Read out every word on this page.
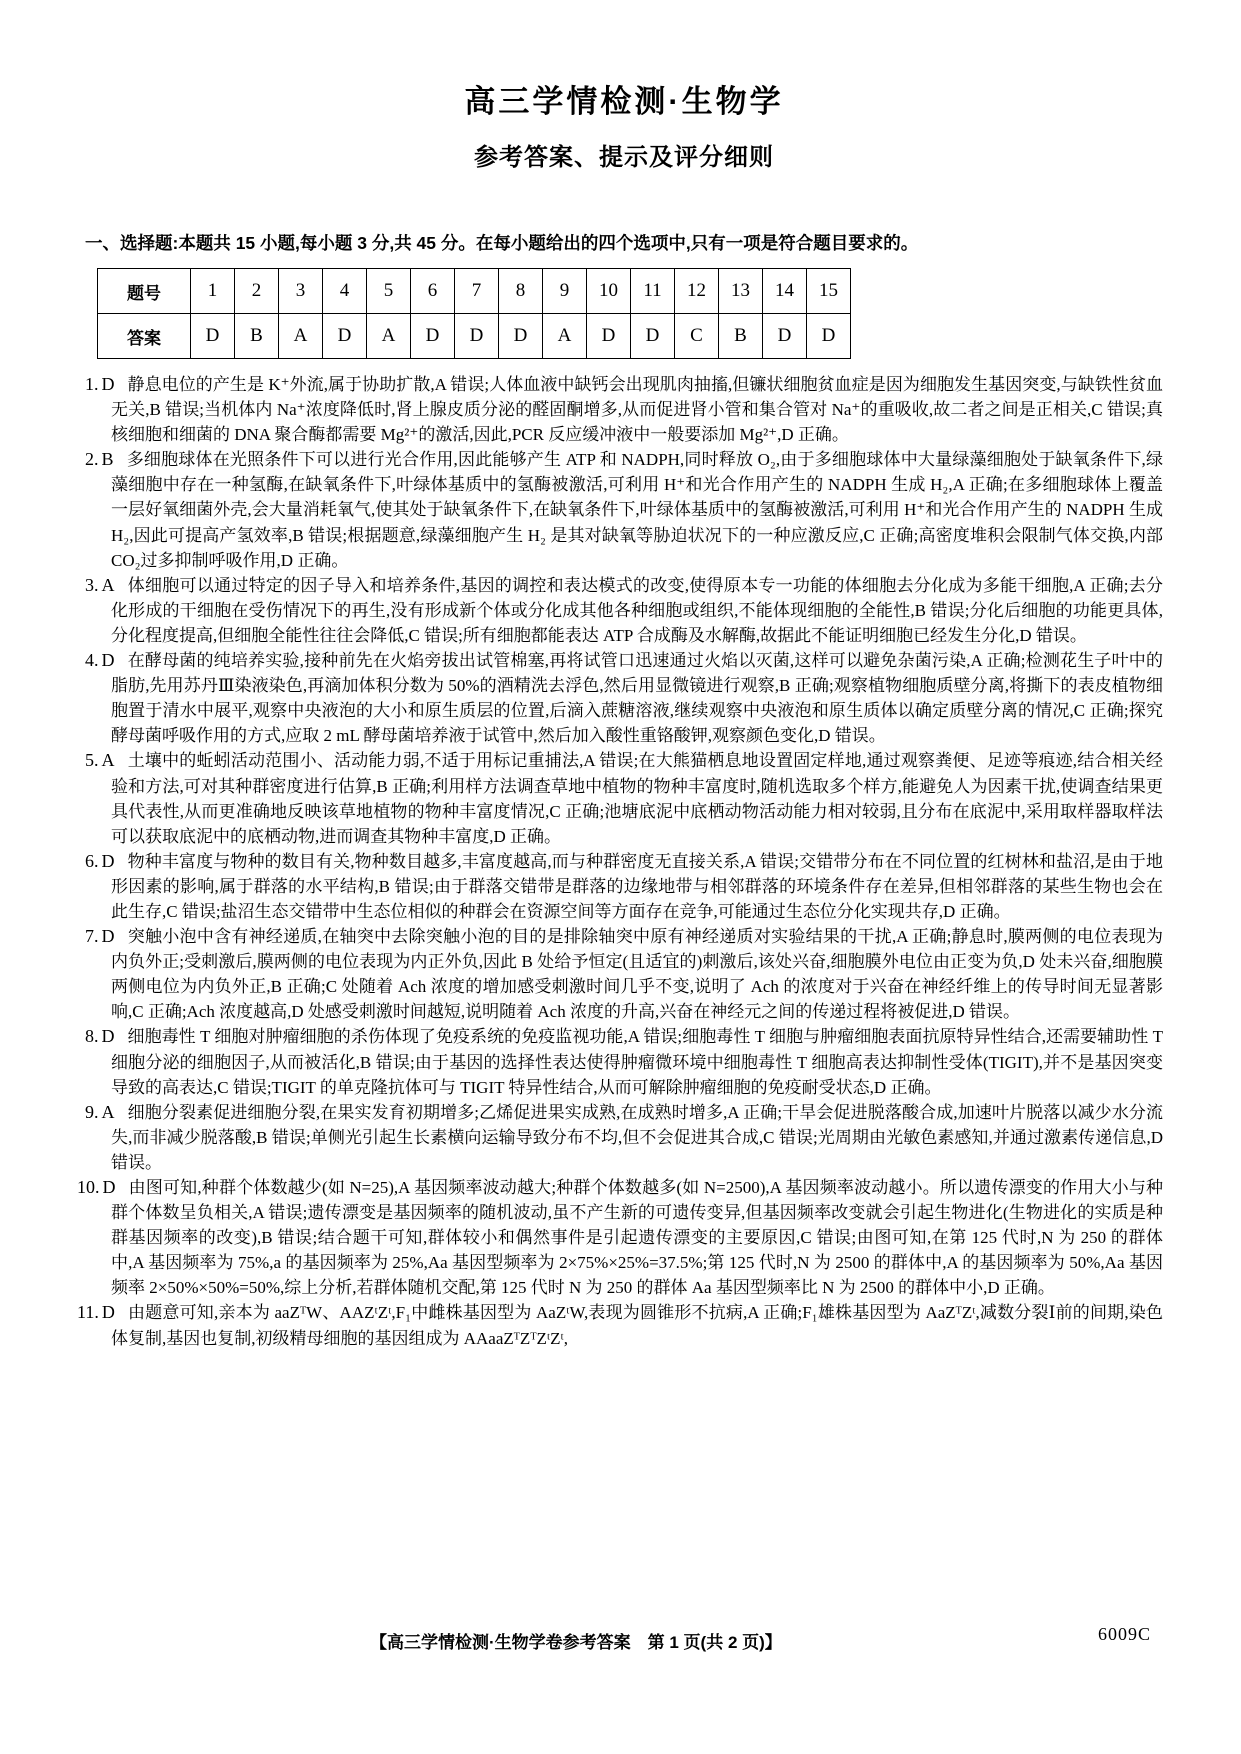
高三学情检测·生物学
参考答案、提示及评分细则

一、选择题:本题共 15 小题,每小题 3 分,共 45 分。在每小题给出的四个选项中,只有一项是符合题目要求的。

题号	1	2	3	4	5	6	7	8	9	10	11	12	13	14	15
答案	D	B	A	D	A	D	D	D	A	D	D	C	B	D	D

1. D 静息电位的产生是 K⁺外流,属于协助扩散,A 错误;人体血液中缺钙会出现肌肉抽搐,但镰状细胞贫血症是因为细胞发生基因突变,与缺铁性贫血无关,B 错误;当机体内 Na⁺浓度降低时,肾上腺皮质分泌的醛固酮增多,从而促进肾小管和集合管对 Na⁺的重吸收,故二者之间是正相关,C 错误;真核细胞和细菌的 DNA 聚合酶都需要 Mg²⁺的激活,因此,PCR 反应缓冲液中一般要添加 Mg²⁺,D 正确。

2. B 多细胞球体在光照条件下可以进行光合作用,因此能够产生 ATP 和 NADPH,同时释放 O₂,由于多细胞球体中大量绿藻细胞处于缺氧条件下,绿藻细胞中存在一种氢酶,在缺氧条件下,叶绿体基质中的氢酶被激活,可利用 H⁺和光合作用产生的 NADPH 生成 H₂,A 正确;在多细胞球体上覆盖一层好氧细菌外壳,会大量消耗氧气,使其处于缺氧条件下,在缺氧条件下,叶绿体基质中的氢酶被激活,可利用 H⁺和光合作用产生的 NADPH 生成 H₂,因此可提高产氢效率,B 错误;根据题意,绿藻细胞产生 H₂ 是其对缺氧等胁迫状况下的一种应激反应,C 正确;高密度堆积会限制气体交换,内部 CO₂过多抑制呼吸作用,D 正确。

3. A 体细胞可以通过特定的因子导入和培养条件,基因的调控和表达模式的改变,使得原本专一功能的体细胞去分化成为多能干细胞,A 正确;去分化形成的干细胞在受伤情况下的再生,没有形成新个体或分化成其他各种细胞或组织,不能体现细胞的全能性,B 错误;分化后细胞的功能更具体,分化程度提高,但细胞全能性往往会降低,C 错误;所有细胞都能表达 ATP 合成酶及水解酶,故据此不能证明细胞已经发生分化,D 错误。

4. D 在酵母菌的纯培养实验,接种前先在火焰旁拔出试管棉塞,再将试管口迅速通过火焰以灭菌,这样可以避免杂菌污染,A 正确;检测花生子叶中的脂肪,先用苏丹Ⅲ染液染色,再滴加体积分数为 50%的酒精洗去浮色,然后用显微镜进行观察,B 正确;观察植物细胞质壁分离,将撕下的表皮植物细胞置于清水中展平,观察中央液泡的大小和原生质层的位置,后滴入蔗糖溶液,继续观察中央液泡和原生质体以确定质壁分离的情况,C 正确;探究酵母菌呼吸作用的方式,应取 2 mL 酵母菌培养液于试管中,然后加入酸性重铬酸钾,观察颜色变化,D 错误。

5. A 土壤中的蚯蚓活动范围小、活动能力弱,不适于用标记重捕法,A 错误;在大熊猫栖息地设置固定样地,通过观察粪便、足迹等痕迹,结合相关经验和方法,可对其种群密度进行估算,B 正确;利用样方法调查草地中植物的物种丰富度时,随机选取多个样方,能避免人为因素干扰,使调查结果更具代表性,从而更准确地反映该草地植物的物种丰富度情况,C 正确;池塘底泥中底栖动物活动能力相对较弱,且分布在底泥中,采用取样器取样法可以获取底泥中的底栖动物,进而调查其物种丰富度,D 正确。

6. D 物种丰富度与物种的数目有关,物种数目越多,丰富度越高,而与种群密度无直接关系,A 错误;交错带分布在不同位置的红树林和盐沼,是由于地形因素的影响,属于群落的水平结构,B 错误;由于群落交错带是群落的边缘地带与相邻群落的环境条件存在差异,但相邻群落的某些生物也会在此生存,C 错误;盐沼生态交错带中生态位相似的种群会在资源空间等方面存在竞争,可能通过生态位分化实现共存,D 正确。

7. D 突触小泡中含有神经递质,在轴突中去除突触小泡的目的是排除轴突中原有神经递质对实验结果的干扰,A 正确;静息时,膜两侧的电位表现为内负外正;受刺激后,膜两侧的电位表现为内正外负,因此 B 处给予恒定(且适宜的)刺激后,该处兴奋,细胞膜外电位由正变为负,D 处未兴奋,细胞膜两侧电位为内负外正,B 正确;C 处随着 Ach 浓度的增加感受刺激时间几乎不变,说明了 Ach 的浓度对于兴奋在神经纤维上的传导时间无显著影响,C 正确;Ach 浓度越高,D 处感受刺激时间越短,说明随着 Ach 浓度的升高,兴奋在神经元之间的传递过程将被促进,D 错误。

8. D 细胞毒性 T 细胞对肿瘤细胞的杀伤体现了免疫系统的免疫监视功能,A 错误;细胞毒性 T 细胞与肿瘤细胞表面抗原特异性结合,还需要辅助性 T 细胞分泌的细胞因子,从而被活化,B 错误;由于基因的选择性表达使得肿瘤微环境中细胞毒性 T 细胞高表达抑制性受体(TIGIT),并不是基因突变导致的高表达,C 错误;TIGIT 的单克隆抗体可与 TIGIT 特异性结合,从而可解除肿瘤细胞的免疫耐受状态,D 正确。

9. A 细胞分裂素促进细胞分裂,在果实发育初期增多;乙烯促进果实成熟,在成熟时增多,A 正确;干旱会促进脱落酸合成,加速叶片脱落以减少水分流失,而非减少脱落酸,B 错误;单侧光引起生长素横向运输导致分布不均,但不会促进其合成,C 错误;光周期由光敏色素感知,并通过激素传递信息,D 错误。

10. D 由图可知,种群个体数越少(如 N=25),A 基因频率波动越大;种群个体数越多(如 N=2500),A 基因频率波动越小。所以遗传漂变的作用大小与种群个体数呈负相关,A 错误;遗传漂变是基因频率的随机波动,虽不产生新的可遗传变异,但基因频率改变就会引起生物进化(生物进化的实质是种群基因频率的改变),B 错误;结合题干可知,群体较小和偶然事件是引起遗传漂变的主要原因,C 错误;由图可知,在第 125 代时,N 为 250 的群体中,A 基因频率为 75%,a 的基因频率为 25%,Aa 基因型频率为 2×75%×25%=37.5%;第 125 代时,N 为 2500 的群体中,A 的基因频率为 50%,Aa 基因频率 2×50%×50%=50%,综上分析,若群体随机交配,第 125 代时 N 为 250 的群体 Aa 基因型频率比 N 为 2500 的群体中小,D 正确。

11. D 由题意可知,亲本为 aaZᵀW、AAZᵗZᵗ,F₁中雌株基因型为 AaZᵗW,表现为圆锥形不抗病,A 正确;F₁雄株基因型为 AaZᵀZᵗ,减数分裂Ⅰ前的间期,染色体复制,基因也复制,初级精母细胞的基因组成为 AAaaZᵀZᵀZᵗZᵗ,

【高三学情检测·生物学卷参考答案　第 1 页(共 2 页)】	6009C
